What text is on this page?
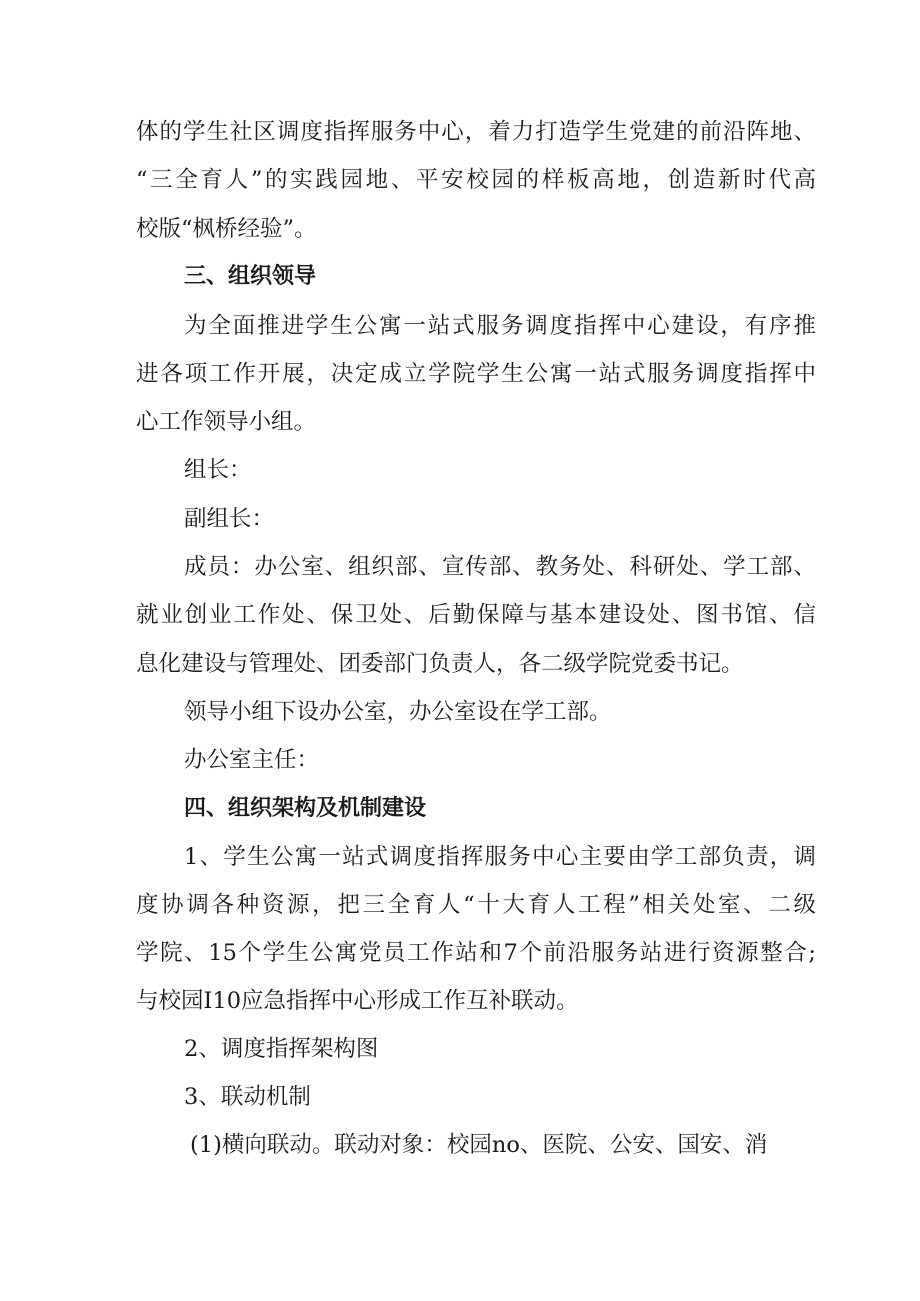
体的学生社区调度指挥服务中心，着力打造学生党建的前沿阵地、
“三全育人”的实践园地、平安校园的样板高地，创造新时代高
校版“枫桥经验”。
三、组织领导
为全面推进学生公寓一站式服务调度指挥中心建设，有序推
进各项工作开展，决定成立学院学生公寓一站式服务调度指挥中
心工作领导小组。
组长：
副组长：
成员：办公室、组织部、宣传部、教务处、科研处、学工部、
就业创业工作处、保卫处、后勤保障与基本建设处、图书馆、信
息化建设与管理处、团委部门负责人，各二级学院党委书记。
领导小组下设办公室，办公室设在学工部。
办公室主任：
四、组织架构及机制建设
1、学生公寓一站式调度指挥服务中心主要由学工部负责，调
度协调各种资源，把三全育人“十大育人工程”相关处室、二级
学院、15个学生公寓党员工作站和7个前沿服务站进行资源整合;
与校园I10应急指挥中心形成工作互补联动。
2、调度指挥架构图
3、联动机制
(1)横向联动。联动对象：校园no、医院、公安、国安、消
